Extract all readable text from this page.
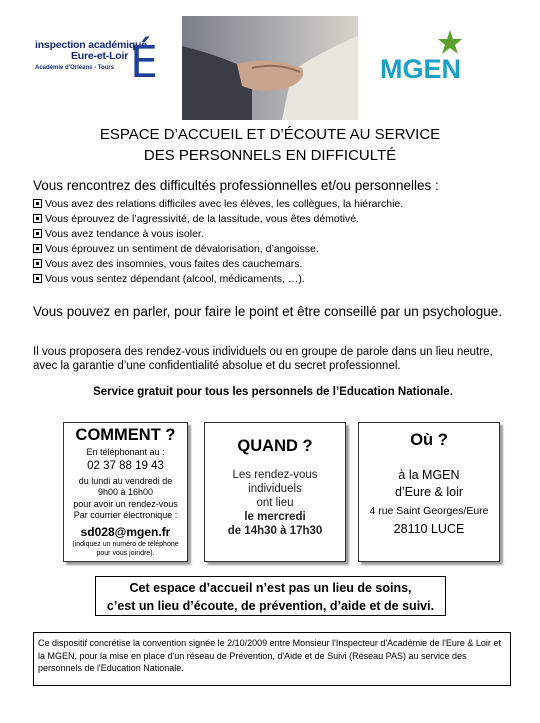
inspection académique
Eure-et-Loir
Académie d'Orléans - Tours É	MGEN
ESPACE D’ACCUEIL ET D’ÉCOUTE AU SERVICE
DES PERSONNELS EN DIFFICULTÉ
Vous rencontrez des difficultés professionnelles et/ou personnelles :
Vous avez des relations difficiles avec les élèves, les collègues, la hiérarchie.
Vous éprouvez de l’agressivité, de la lassitude, vous êtes démotivé.
Vous avez tendance à vous isoler.
Vous éprouvez un sentiment de dévalorisation, d’angoisse.
Vous avez des insomnies, vous faites des cauchemars.
Vous vous sentez dépendant (alcool, médicaments, …).
Vous pouvez en parler, pour faire le point et être conseillé par un psychologue.
Il vous proposera des rendez-vous individuels ou en groupe de parole dans un lieu neutre, avec la garantie d’une confidentialité absolue et du secret professionnel.
Service gratuit pour tous les personnels de l’Education Nationale.
COMMENT ?
En téléphonant au :
02 37 88 19 43
du lundi au vendredi de 9h00 à 16h00
pour avoir un rendez-vous Par courrier électronique :
sd028@mgen.fr
(indiquez un numéro de téléphone pour vous joindre).
QUAND ?
Les rendez-vous
individuels
ont lieu
le mercredi
de 14h30 à 17h30
Où ?
à la MGEN
d’Eure & loir
4 rue Saint Georges/Eure
28110 LUCE
Cet espace d’accueil n’est pas un lieu de soins,
c’est un lieu d’écoute, de prévention, d’aide et de suivi.
Ce dispositif concrétise la convention signée le 2/10/2009 entre Monsieur l'Inspecteur d'Académie de l'Eure & Loir et la MGEN, pour la mise en place d'un réseau de Prévention, d'Aide et de Suivi (Réseau PAS) au service des personnels de l'Education Nationale.
